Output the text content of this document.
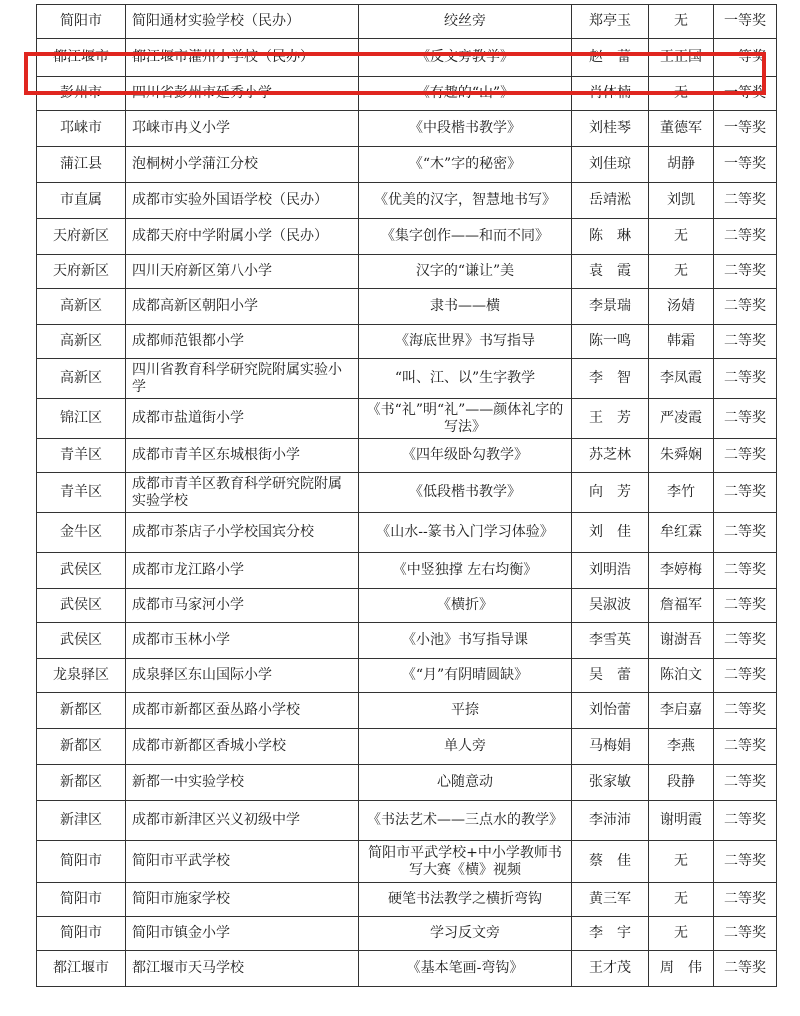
简阳市	简阳通材实验学校（民办）	绞丝旁	郑亭玉	无	一等奖
都江堰市	都江堰市灌州小学校（民办）	《反文旁教学》	赵　蕾	王正国	一等奖
彭州市	四川省彭州市延秀小学	《有趣的“山”》	肖体楠	无	一等奖
邛崃市	邛崃市冉义小学	《中段楷书教学》	刘桂琴	董德军	一等奖
蒲江县	泡桐树小学蒲江分校	《“木”字的秘密》	刘佳琼	胡静	一等奖
市直属	成都市实验外国语学校（民办）	《优美的汉字，智慧地书写》	岳靖淞	刘凯	二等奖
天府新区	成都天府中学附属小学（民办）	《集字创作——和而不同》	陈　琳	无	二等奖
天府新区	四川天府新区第八小学	汉字的“谦让”美	袁　霞	无	二等奖
高新区	成都高新区朝阳小学	隶书——横	李景瑞	汤婧	二等奖
高新区	成都师范银都小学	《海底世界》书写指导	陈一鸣	韩霜	二等奖
高新区	四川省教育科学研究院附属实验小学	“叫、江、以”生字教学	李　智	李凤霞	二等奖
锦江区	成都市盐道街小学	《书“礼”明“礼”——颜体礼字的写法》	王　芳	严凌霞	二等奖
青羊区	成都市青羊区东城根街小学	《四年级卧勾教学》	苏芝林	朱舜娴	二等奖
青羊区	成都市青羊区教育科学研究院附属实验学校	《低段楷书教学》	向　芳	李竹	二等奖
金牛区	成都市茶店子小学校国宾分校	《山水--篆书入门学习体验》	刘　佳	牟红霖	二等奖
武侯区	成都市龙江路小学	《中竖独撑 左右均衡》	刘明浩	李婷梅	二等奖
武侯区	成都市马家河小学	《横折》	吴淑波	詹福军	二等奖
武侯区	成都市玉林小学	《小池》书写指导课	李雪英	谢澍吾	二等奖
龙泉驿区	成泉驿区东山国际小学	《“月”有阴晴圆缺》	吴　蕾	陈泊文	二等奖
新都区	成都市新都区蚕丛路小学校	平捺	刘怡蕾	李启嘉	二等奖
新都区	成都市新都区香城小学校	单人旁	马梅娟	李燕	二等奖
新都区	新都一中实验学校	心随意动	张家敏	段静	二等奖
新津区	成都市新津区兴义初级中学	《书法艺术——三点水的教学》	李沛沛	谢明霞	二等奖
简阳市	简阳市平武学校	简阳市平武学校+中小学教师书写大赛《横》视频	蔡　佳	无	二等奖
简阳市	简阳市施家学校	硬笔书法教学之横折弯钩	黄三军	无	二等奖
简阳市	简阳市镇金小学	学习反文旁	李　宇	无	二等奖
都江堰市	都江堰市天马学校	《基本笔画-弯钩》	王才茂	周　伟	二等奖
